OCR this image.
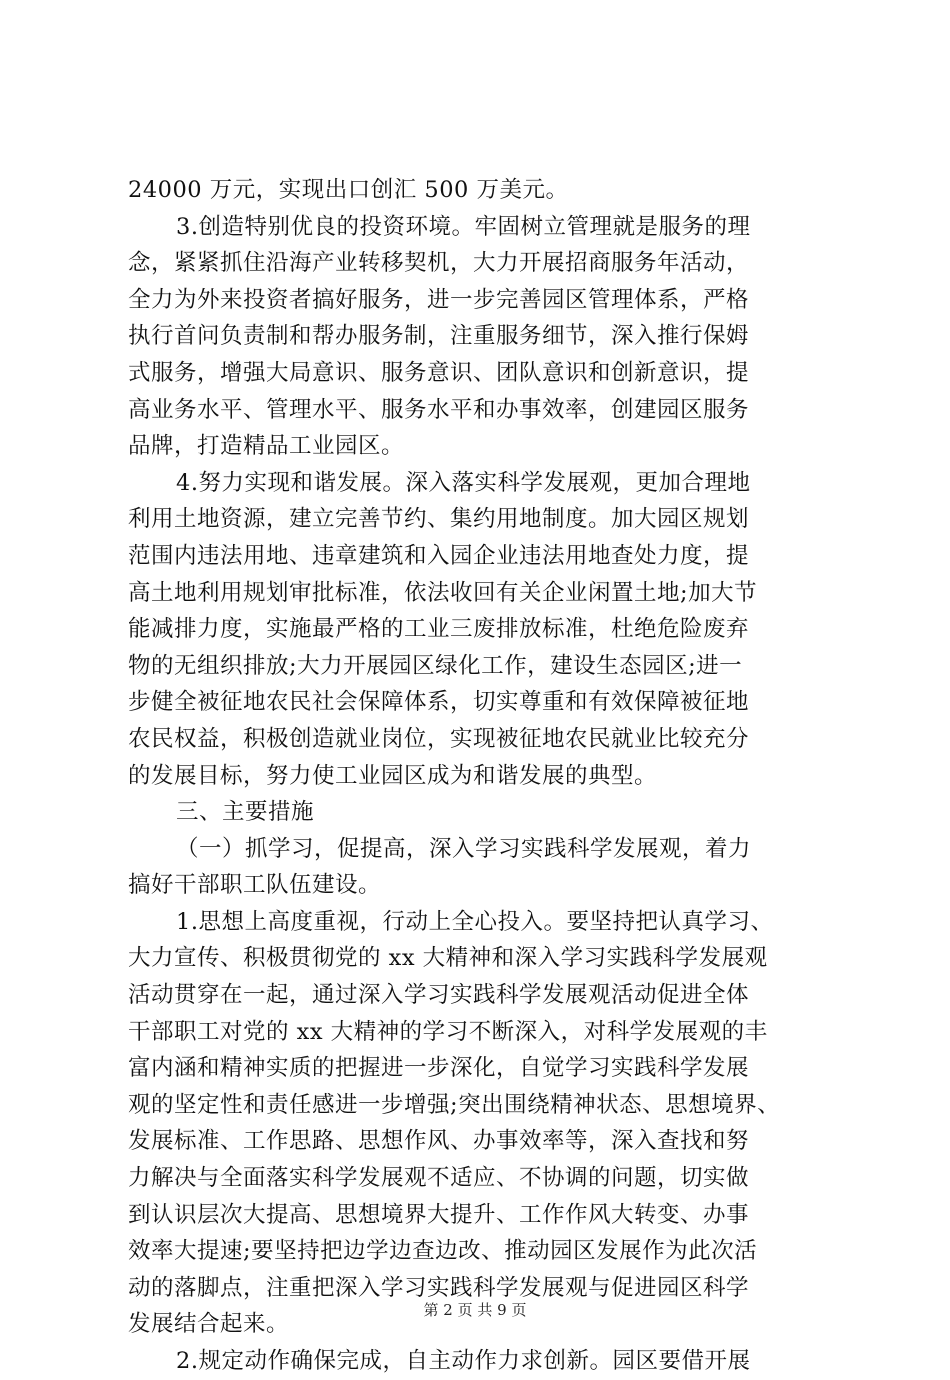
24000 万元，实现出口创汇 500 万美元。
3.创造特别优良的投资环境。牢固树立管理就是服务的理
念，紧紧抓住沿海产业转移契机，大力开展招商服务年活动，
全力为外来投资者搞好服务，进一步完善园区管理体系，严格
执行首问负责制和帮办服务制，注重服务细节，深入推行保姆
式服务，增强大局意识、服务意识、团队意识和创新意识，提
高业务水平、管理水平、服务水平和办事效率，创建园区服务
品牌，打造精品工业园区。
4.努力实现和谐发展。深入落实科学发展观，更加合理地
利用土地资源，建立完善节约、集约用地制度。加大园区规划
范围内违法用地、违章建筑和入园企业违法用地查处力度，提
高土地利用规划审批标准，依法收回有关企业闲置土地;加大节
能减排力度，实施最严格的工业三废排放标准，杜绝危险废弃
物的无组织排放;大力开展园区绿化工作，建设生态园区;进一
步健全被征地农民社会保障体系，切实尊重和有效保障被征地
农民权益，积极创造就业岗位，实现被征地农民就业比较充分
的发展目标，努力使工业园区成为和谐发展的典型。
三、主要措施
（一）抓学习，促提高，深入学习实践科学发展观，着力
搞好干部职工队伍建设。
1.思想上高度重视，行动上全心投入。要坚持把认真学习、
大力宣传、积极贯彻党的 xx 大精神和深入学习实践科学发展观
活动贯穿在一起，通过深入学习实践科学发展观活动促进全体
干部职工对党的 xx 大精神的学习不断深入，对科学发展观的丰
富内涵和精神实质的把握进一步深化，自觉学习实践科学发展
观的坚定性和责任感进一步增强;突出围绕精神状态、思想境界、
发展标准、工作思路、思想作风、办事效率等，深入查找和努
力解决与全面落实科学发展观不适应、不协调的问题，切实做
到认识层次大提高、思想境界大提升、工作作风大转变、办事
效率大提速;要坚持把边学边查边改、推动园区发展作为此次活
动的落脚点，注重把深入学习实践科学发展观与促进园区科学
发展结合起来。
2.规定动作确保完成，自主动作力求创新。园区要借开展
第 2 页 共 9 页
